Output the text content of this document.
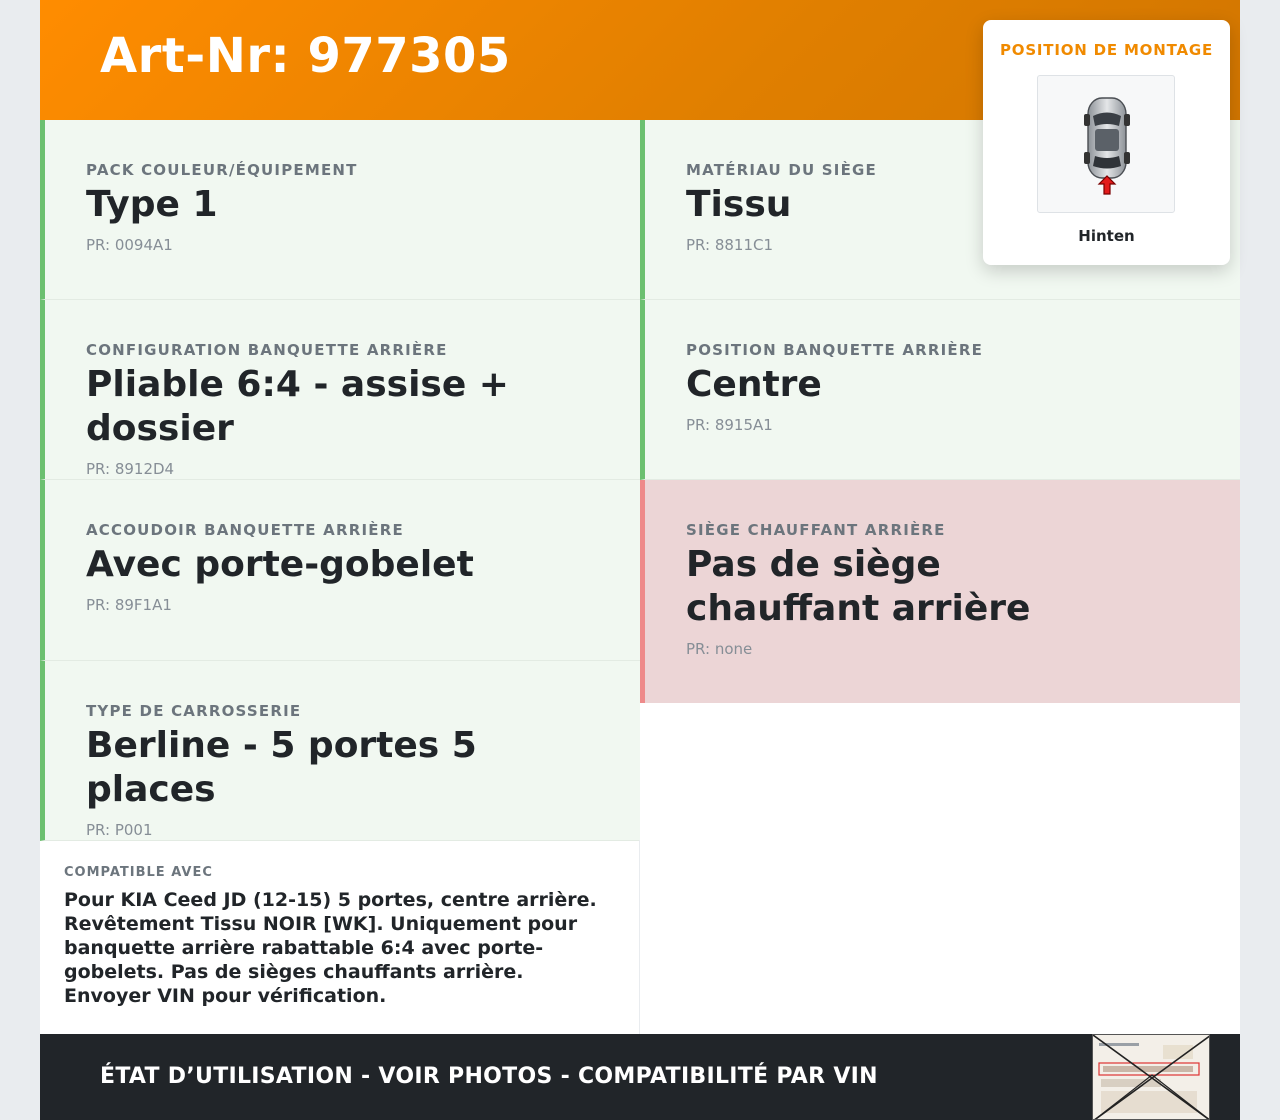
Art-Nr: 977305
PACK COULEUR/ÉQUIPEMENT
Type 1
PR: 0094A1
MATÉRIAU DU SIÈGE
Tissu
PR: 8811C1
CONFIGURATION BANQUETTE ARRIÈRE
Pliable 6:4 - assise + dossier
PR: 8912D4
POSITION BANQUETTE ARRIÈRE
Centre
PR: 8915A1
ACCOUDOIR BANQUETTE ARRIÈRE
Avec porte-gobelet
PR: 89F1A1
SIÈGE CHAUFFANT ARRIÈRE
Pas de siège chauffant arrière
PR: none
TYPE DE CARROSSERIE
Berline - 5 portes 5 places
PR: P001
COMPATIBLE AVEC
Pour KIA Ceed JD (12-15) 5 portes, centre arrière. Revêtement Tissu NOIR [WK]. Uniquement pour banquette arrière rabattable 6:4 avec porte-gobelets. Pas de sièges chauffants arrière. Envoyer VIN pour vérification.
ÉTAT D’UTILISATION - VOIR PHOTOS - COMPATIBILITÉ PAR VIN
POSITION DE MONTAGE
Hinten
